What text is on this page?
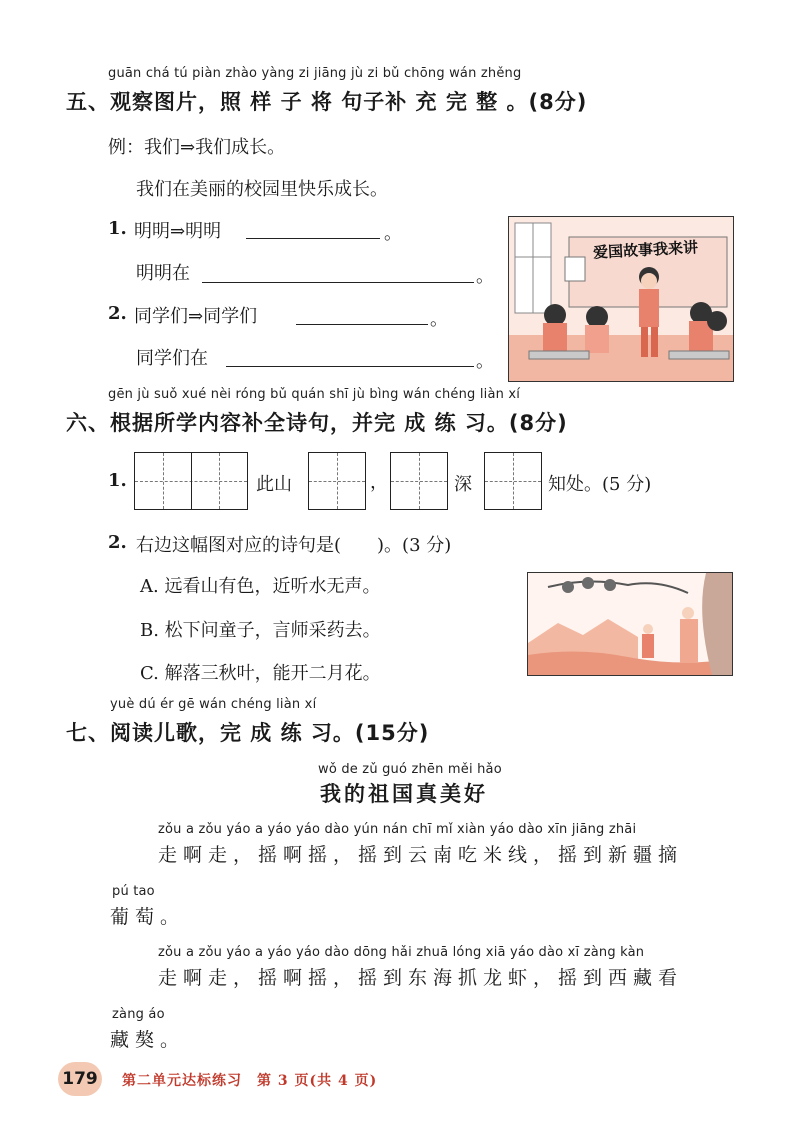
guān chá tú piàn zhào yàng zi jiāng jù zi bǔ chōng wán zhěng
五、观察图片，照 样 子 将 句子补 充 完 整 。(8分)
例：我们⇒我们成长。
我们在美丽的校园里快乐成长。
1. 明明⇒明明	。
明明在	。
2. 同学们⇒同学们	。
同学们在	。
爱国故事我来讲
gēn jù suǒ xué nèi róng bǔ quán shī jù bìng wán chéng liàn xí
六、根据所学内容补全诗句，并完 成 练 习。(8分)
1.	此山	，	深	知处。(5 分)
2. 右边这幅图对应的诗句是(　　)。(3 分)
A. 远看山有色，近听水无声。
B. 松下问童子，言师采药去。
C. 解落三秋叶，能开二月花。
yuè dú ér gē wán chéng liàn xí
七、阅读儿歌，完 成 练 习。(15分)
wǒ de zǔ guó zhēn měi hǎo
我的祖国真美好
zǒu a zǒu yáo a yáo yáo dào yún nán chī mǐ xiàn yáo dào xīn jiāng zhāi
走啊走，摇啊摇，摇到云南吃米线，摇到新疆摘
pú tao
葡萄。
zǒu a zǒu yáo a yáo yáo dào dōng hǎi zhuā lóng xiā yáo dào xī zàng kàn
走啊走，摇啊摇，摇到东海抓龙虾，摇到西藏看
zàng áo
藏獒。
179	第二单元达标练习　第 3 页(共 4 页)
